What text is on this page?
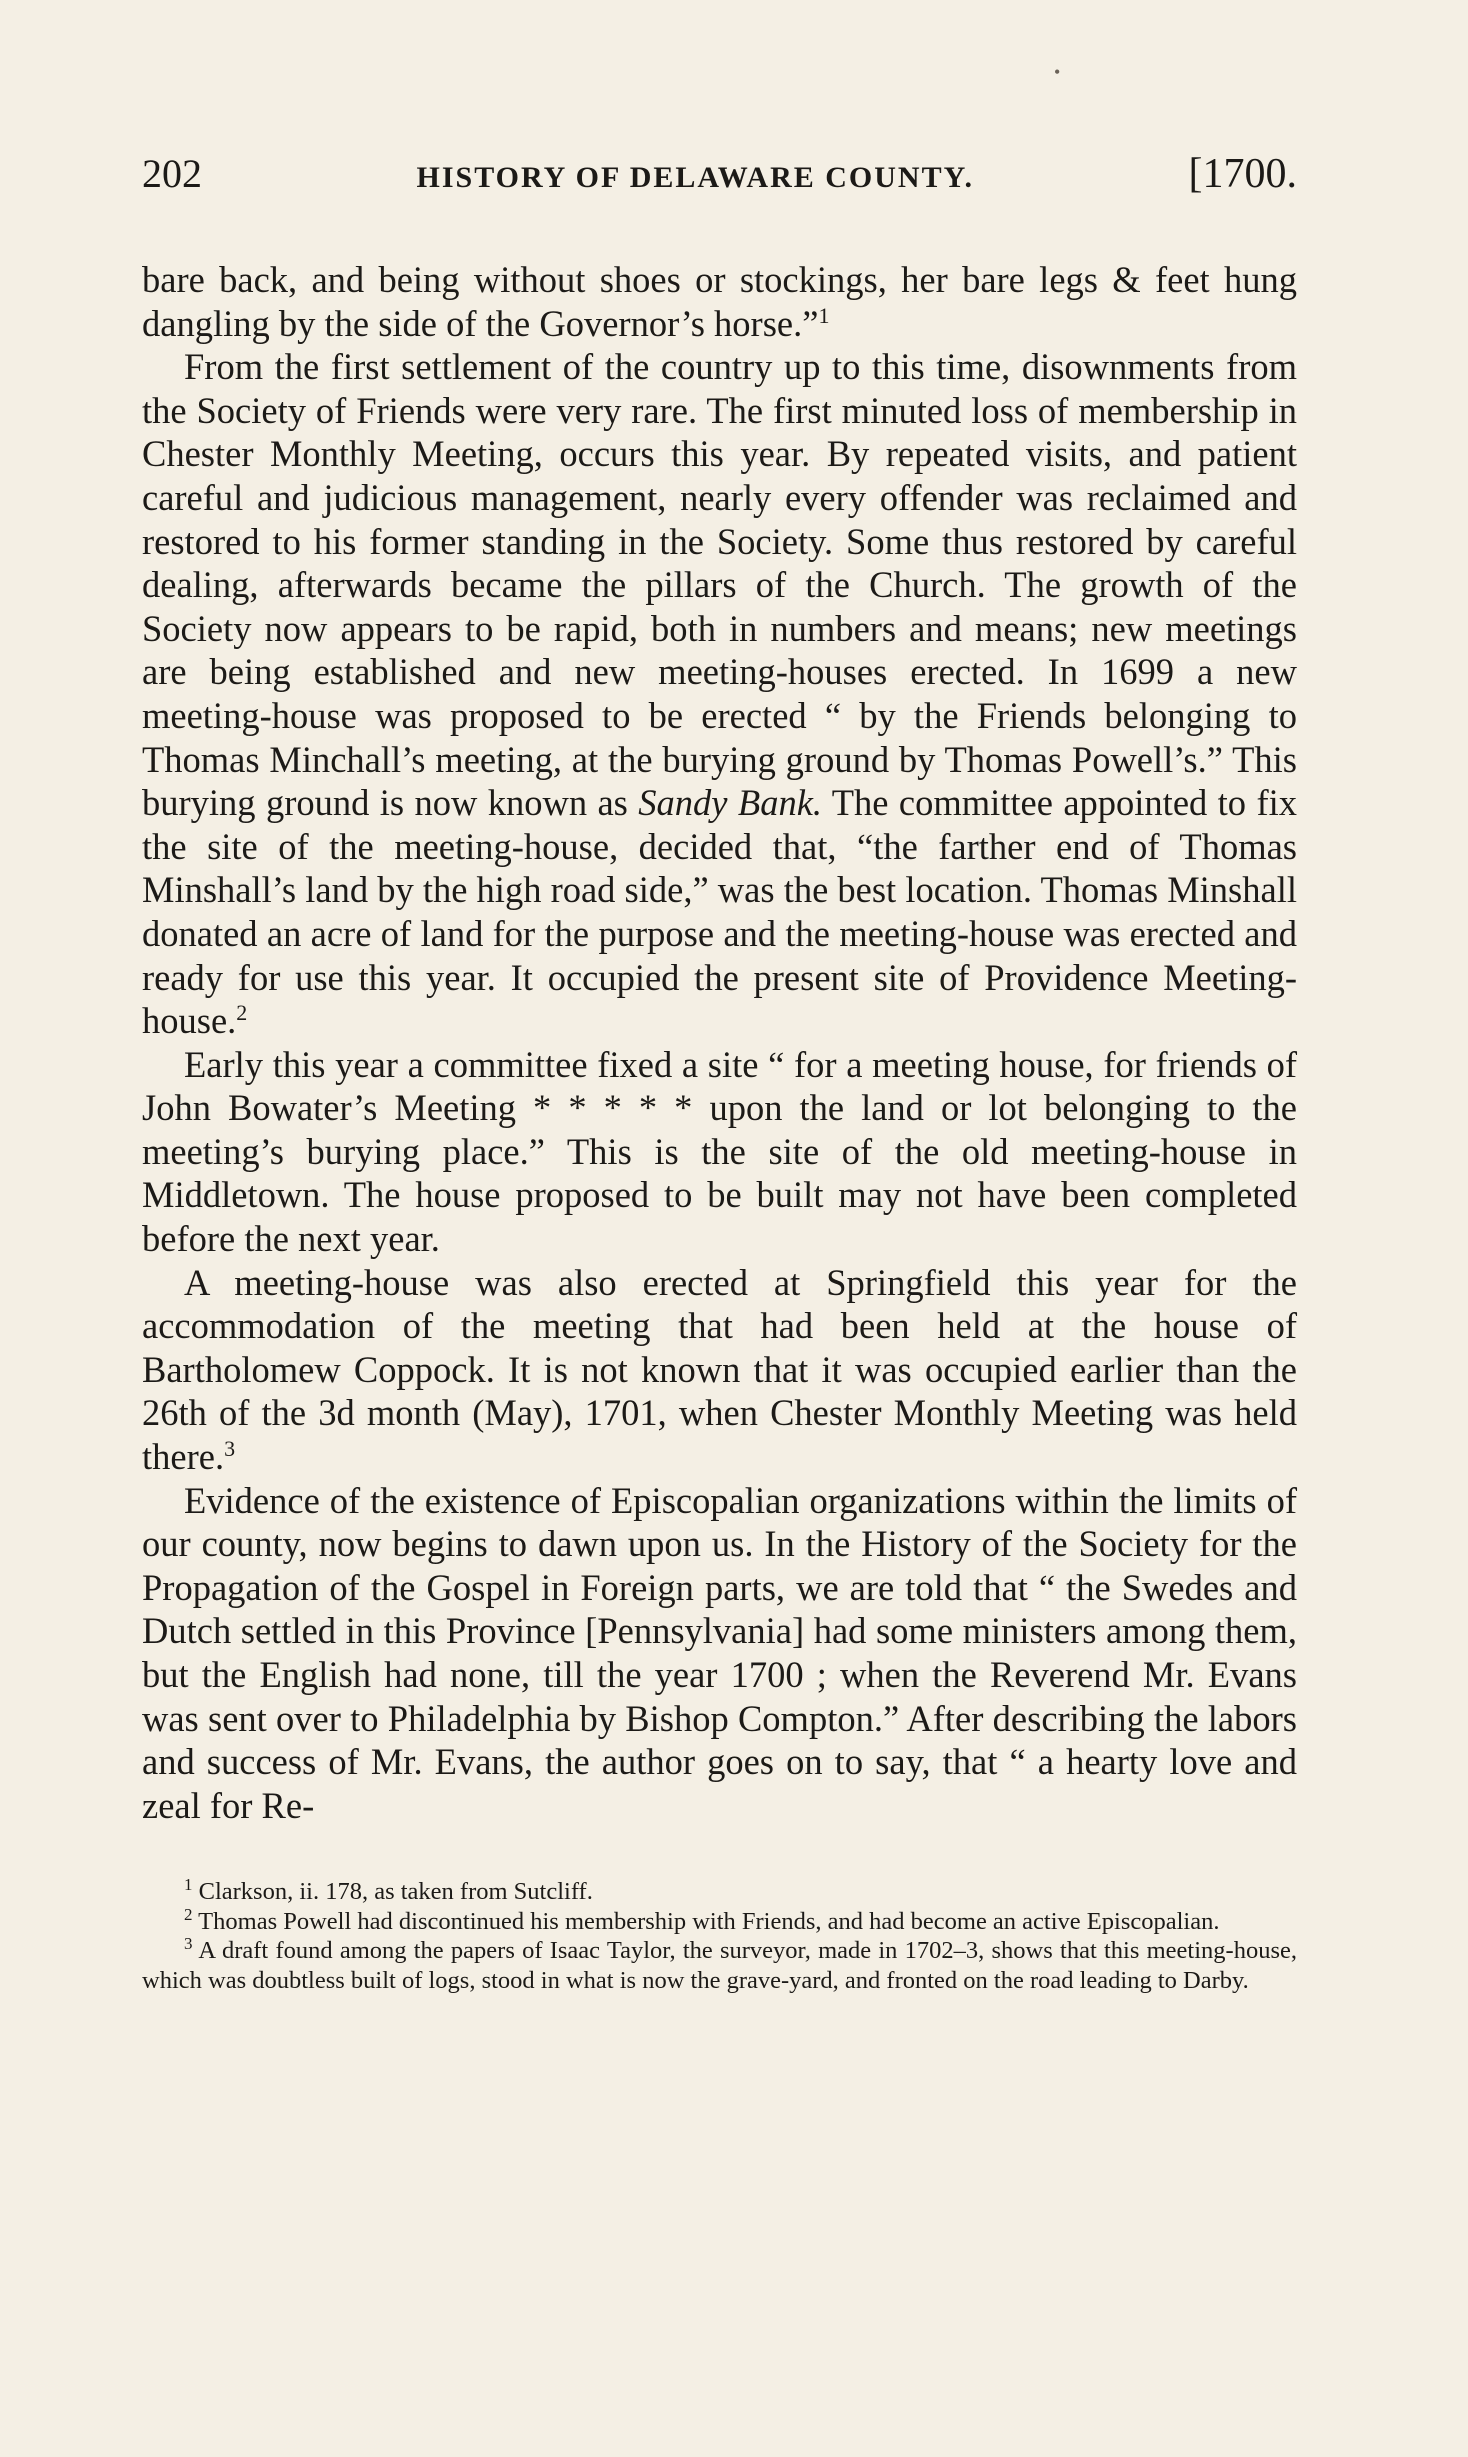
•
202	HISTORY OF DELAWARE COUNTY.	[1700.

bare back, and being without shoes or stockings, her bare legs & feet hung dangling by the side of the Governor’s horse.”$^1$

From the first settlement of the country up to this time, disownments from the Society of Friends were very rare. The first minuted loss of membership in Chester Monthly Meeting, occurs this year. By repeated visits, and patient careful and judicious management, nearly every offender was reclaimed and restored to his former standing in the Society. Some thus restored by careful dealing, afterwards became the pillars of the Church. The growth of the Society now appears to be rapid, both in numbers and means; new meetings are being established and new meeting-houses erected. In 1699 a new meeting-house was proposed to be erected “ by the Friends belonging to Thomas Minchall’s meeting, at the burying ground by Thomas Powell’s.” This burying ground is now known as Sandy Bank. The committee appointed to fix the site of the meeting-house, decided that, “the farther end of Thomas Minshall’s land by the high road side,” was the best location. Thomas Minshall donated an acre of land for the purpose and the meeting-house was erected and ready for use this year. It occupied the present site of Providence Meeting-house.$^2$

Early this year a committee fixed a site “ for a meeting house, for friends of John Bowater’s Meeting * * * * * upon the land or lot belonging to the meeting’s burying place.” This is the site of the old meeting-house in Middletown. The house proposed to be built may not have been completed before the next year.

A meeting-house was also erected at Springfield this year for the accommodation of the meeting that had been held at the house of Bartholomew Coppock. It is not known that it was occupied earlier than the 26th of the 3d month (May), 1701, when Chester Monthly Meeting was held there.$^3$

Evidence of the existence of Episcopalian organizations within the limits of our county, now begins to dawn upon us. In the History of the Society for the Propagation of the Gospel in Foreign parts, we are told that “ the Swedes and Dutch settled in this Province [Pennsylvania] had some ministers among them, but the English had none, till the year 1700 ; when the Reverend Mr. Evans was sent over to Philadelphia by Bishop Compton.” After describing the labors and success of Mr. Evans, the author goes on to say, that “ a hearty love and zeal for Re-

$^1$ Clarkson, ii. 178, as taken from Sutcliff.

$^2$ Thomas Powell had discontinued his membership with Friends, and had become an active Episcopalian.

$^3$ A draft found among the papers of Isaac Taylor, the surveyor, made in 1702–3, shows that this meeting-house, which was doubtless built of logs, stood in what is now the grave-yard, and fronted on the road leading to Darby.
